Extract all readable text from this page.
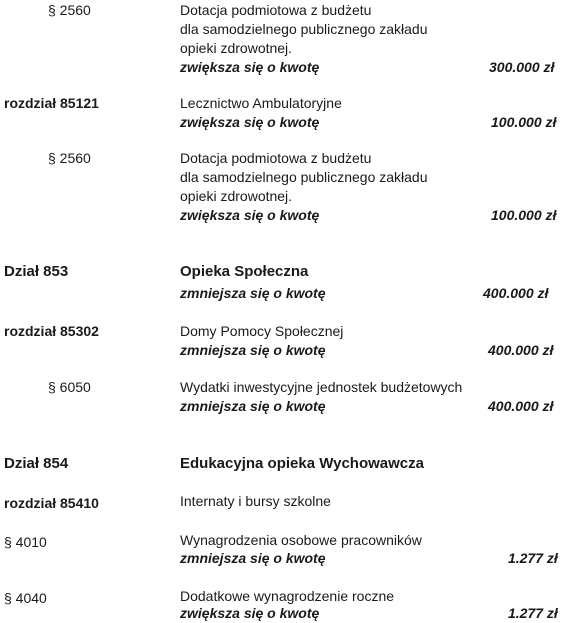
§ 2560	Dotacja podmiotowa z budżetu
dla samodzielnego publicznego zakładu
opieki zdrowotnej.
zwiększa się o kwotę	300.000 zł
rozdział 85121	Lecznictwo Ambulatoryjne
zwiększa się o kwotę	100.000 zł
§ 2560	Dotacja podmiotowa z budżetu
dla samodzielnego publicznego zakładu
opieki zdrowotnej.
zwiększa się o kwotę	100.000 zł
Dział 853	Opieka Społeczna
zmniejsza się o kwotę	400.000 zł
rozdział 85302	Domy Pomocy Społecznej
zmniejsza się o kwotę	400.000 zł
§ 6050	Wydatki inwestycyjne jednostek budżetowych
zmniejsza się o kwotę	400.000 zł
Dział 854	Edukacyjna opieka Wychowawcza
rozdział 85410	Internaty i bursy szkolne
§ 4010	Wynagrodzenia osobowe pracowników
zmniejsza się o kwotę	1.277 zł
§ 4040	Dodatkowe wynagrodzenie roczne
zwiększa się o kwotę	1.277 zł
